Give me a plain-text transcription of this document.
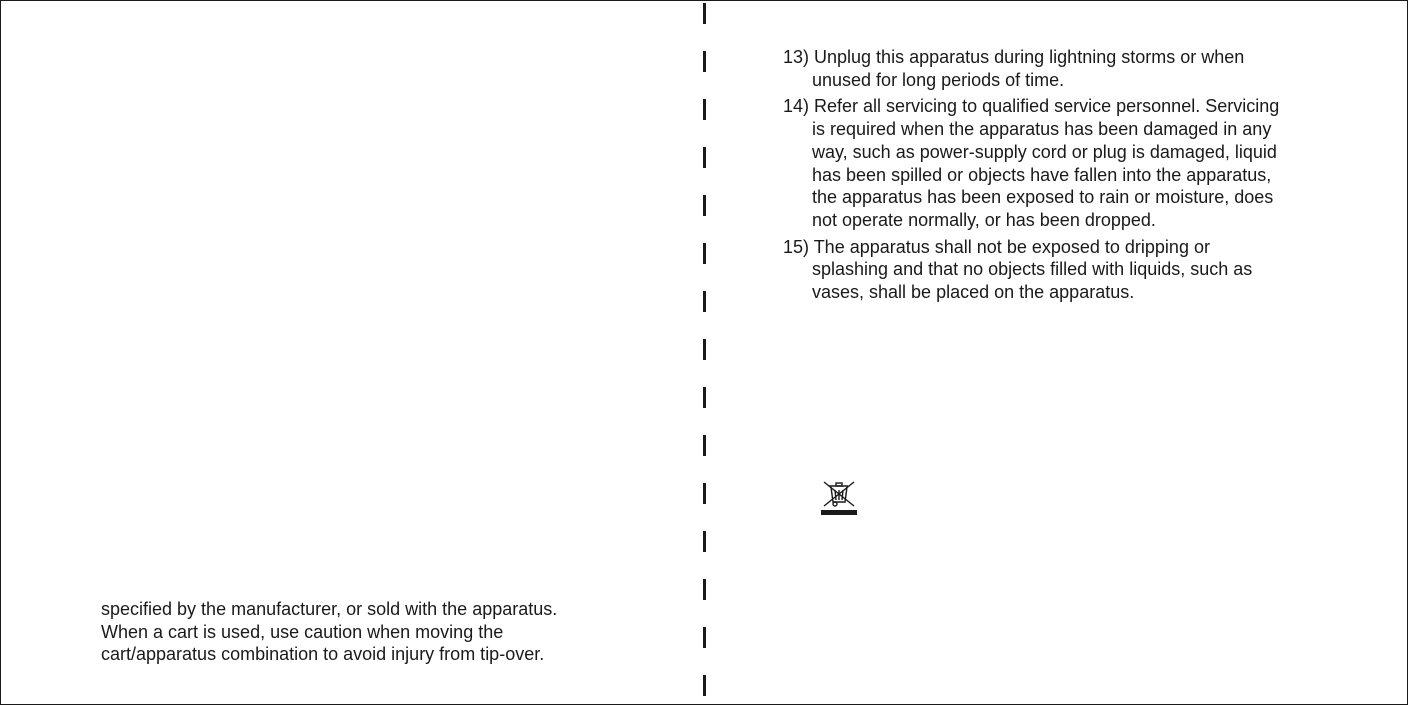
specified by the manufacturer, or sold with the apparatus.
When a cart is used, use caution when moving the
cart/apparatus combination to avoid injury from tip-over.

13) Unplug this apparatus during lightning storms or when
unused for long periods of time.
14) Refer all servicing to qualified service personnel. Servicing
is required when the apparatus has been damaged in any
way, such as power-supply cord or plug is damaged, liquid
has been spilled or objects have fallen into the apparatus,
the apparatus has been exposed to rain or moisture, does
not operate normally, or has been dropped.
15) The apparatus shall not be exposed to dripping or
splashing and that no objects filled with liquids, such as
vases, shall be placed on the apparatus.
